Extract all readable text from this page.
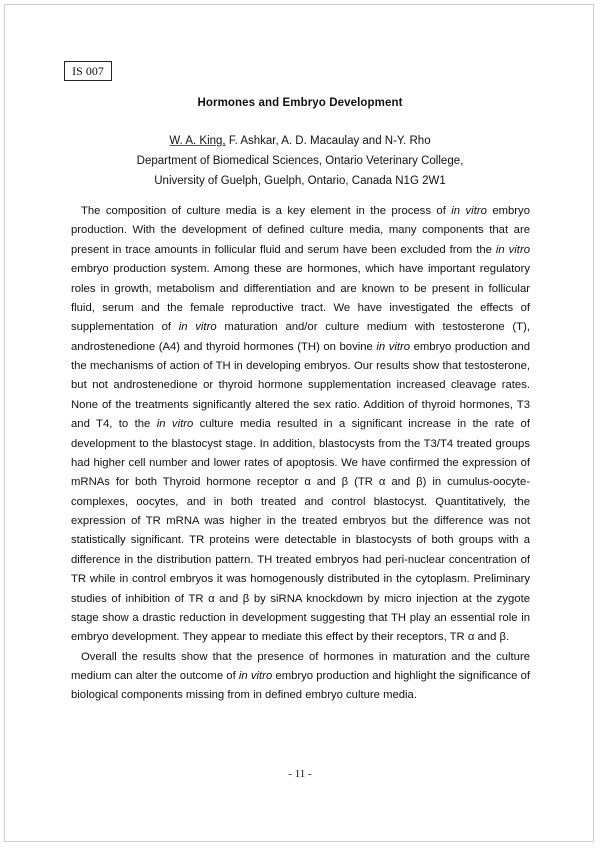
IS 007
Hormones and Embryo Development
W. A. King, F. Ashkar, A. D. Macaulay and N-Y. Rho
Department of Biomedical Sciences, Ontario Veterinary College,
University of Guelph, Guelph, Ontario, Canada N1G 2W1

The composition of culture media is a key element in the process of in vitro embryo production. With the development of defined culture media, many components that are present in trace amounts in follicular fluid and serum have been excluded from the in vitro embryo production system. Among these are hormones, which have important regulatory roles in growth, metabolism and differentiation and are known to be present in follicular fluid, serum and the female reproductive tract. We have investigated the effects of supplementation of in vitro maturation and/or culture medium with testosterone (T), androstenedione (A4) and thyroid hormones (TH) on bovine in vitro embryo production and the mechanisms of action of TH in developing embryos. Our results show that testosterone, but not androstenedione or thyroid hormone supplementation increased cleavage rates. None of the treatments significantly altered the sex ratio. Addition of thyroid hormones, T3 and T4, to the in vitro culture media resulted in a significant increase in the rate of development to the blastocyst stage. In addition, blastocysts from the T3/T4 treated groups had higher cell number and lower rates of apoptosis. We have confirmed the expression of mRNAs for both Thyroid hormone receptor α and β (TR α and β) in cumulus-oocyte-complexes, oocytes, and in both treated and control blastocyst. Quantitatively, the expression of TR mRNA was higher in the treated embryos but the difference was not statistically significant. TR proteins were detectable in blastocysts of both groups with a difference in the distribution pattern. TH treated embryos had peri-nuclear concentration of TR while in control embryos it was homogenously distributed in the cytoplasm. Preliminary studies of inhibition of TR α and β by siRNA knockdown by micro injection at the zygote stage show a drastic reduction in development suggesting that TH play an essential role in embryo development. They appear to mediate this effect by their receptors, TR α and β.

Overall the results show that the presence of hormones in maturation and the culture medium can alter the outcome of in vitro embryo production and highlight the significance of biological components missing from in defined embryo culture media.

- 11 -
